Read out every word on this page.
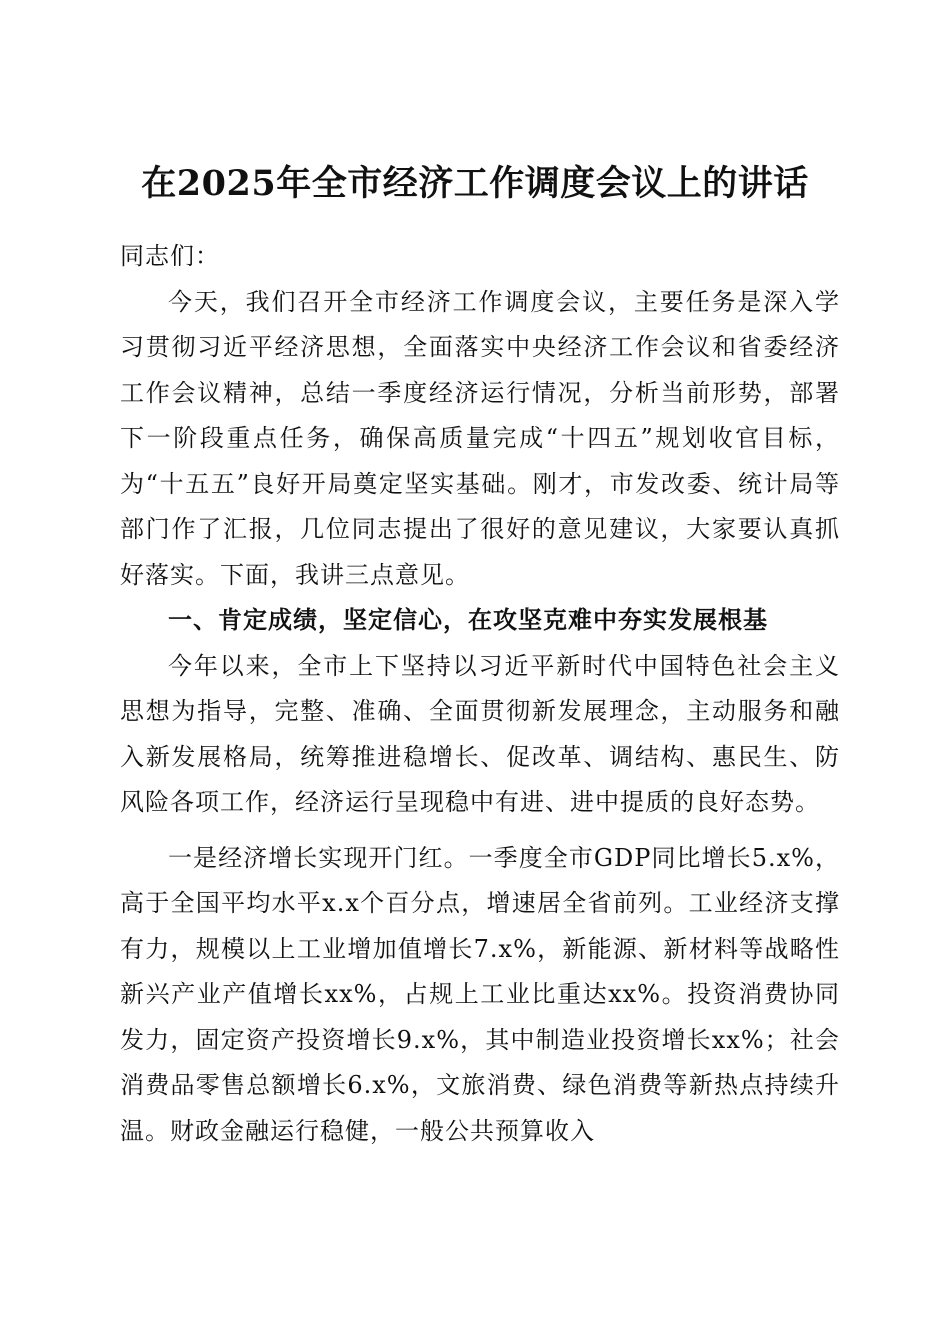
在2025年全市经济工作调度会议上的讲话

同志们：

今天，我们召开全市经济工作调度会议，主要任务是深入学习贯彻习近平经济思想，全面落实中央经济工作会议和省委经济工作会议精神，总结一季度经济运行情况，分析当前形势，部署下一阶段重点任务，确保高质量完成“十四五”规划收官目标，为“十五五”良好开局奠定坚实基础。刚才，市发改委、统计局等部门作了汇报，几位同志提出了很好的意见建议，大家要认真抓好落实。下面，我讲三点意见。

一、肯定成绩，坚定信心，在攻坚克难中夯实发展根基

今年以来，全市上下坚持以习近平新时代中国特色社会主义思想为指导，完整、准确、全面贯彻新发展理念，主动服务和融入新发展格局，统筹推进稳增长、促改革、调结构、惠民生、防风险各项工作，经济运行呈现稳中有进、进中提质的良好态势。

一是经济增长实现开门红。一季度全市GDP同比增长5.x%，高于全国平均水平x.x个百分点，增速居全省前列。工业经济支撑有力，规模以上工业增加值增长7.x%，新能源、新材料等战略性新兴产业产值增长xx%，占规上工业比重达xx%。投资消费协同发力，固定资产投资增长9.x%，其中制造业投资增长xx%；社会消费品零售总额增长6.x%，文旅消费、绿色消费等新热点持续升温。财政金融运行稳健，一般公共预算收入
